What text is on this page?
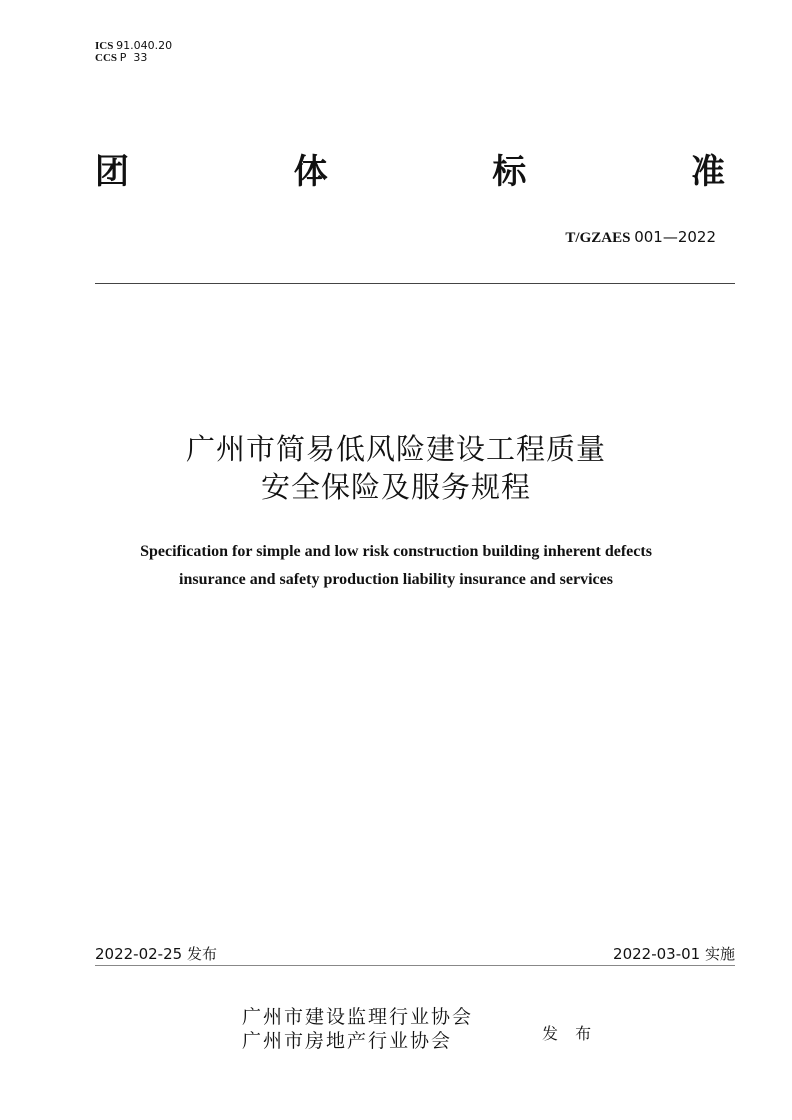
ICS 91.040.20
CCS P  33
团	体	标	准
T/GZAES 001—2022
广州市简易低风险建设工程质量
安全保险及服务规程
Specification for simple and low risk construction building inherent defects
insurance and safety production liability insurance and services
2022-02-25 发布	2022-03-01 实施
广州市建设监理行业协会
广州市房地产行业协会	发 布
